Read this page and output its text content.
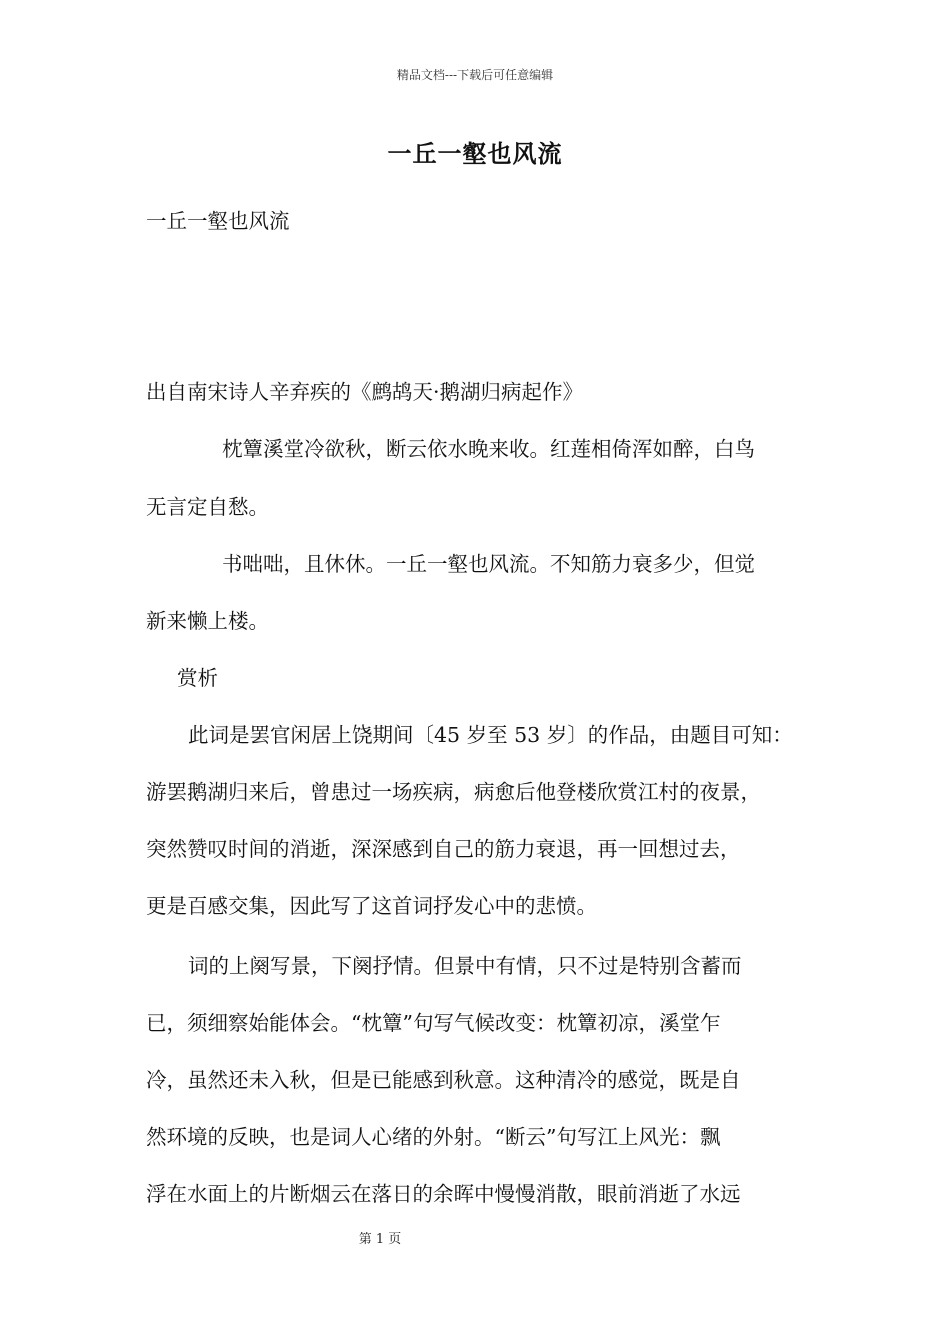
精品文档---下载后可任意编辑
一丘一壑也风流
一丘一壑也风流
出自南宋诗人辛弃疾的《鹧鸪天·鹅湖归病起作》
枕簟溪堂冷欲秋，断云依水晚来收。红莲相倚浑如醉，白鸟
无言定自愁。
书咄咄，且休休。一丘一壑也风流。不知筋力衰多少，但觉
新来懒上楼。
赏析
此词是罢官闲居上饶期间〔45 岁至 53 岁〕的作品，由题目可知：
游罢鹅湖归来后，曾患过一场疾病，病愈后他登楼欣赏江村的夜景，
突然赞叹时间的消逝，深深感到自己的筋力衰退，再一回想过去，
更是百感交集，因此写了这首词抒发心中的悲愤。
词的上阕写景，下阕抒情。但景中有情，只不过是特别含蓄而
已，须细察始能体会。“枕簟”句写气候改变：枕簟初凉，溪堂乍
冷，虽然还未入秋，但是已能感到秋意。这种清冷的感觉，既是自
然环境的反映，也是词人心绪的外射。“断云”句写江上风光：飘
浮在水面上的片断烟云在落日的余晖中慢慢消散，眼前消逝了水远
第 1 页
